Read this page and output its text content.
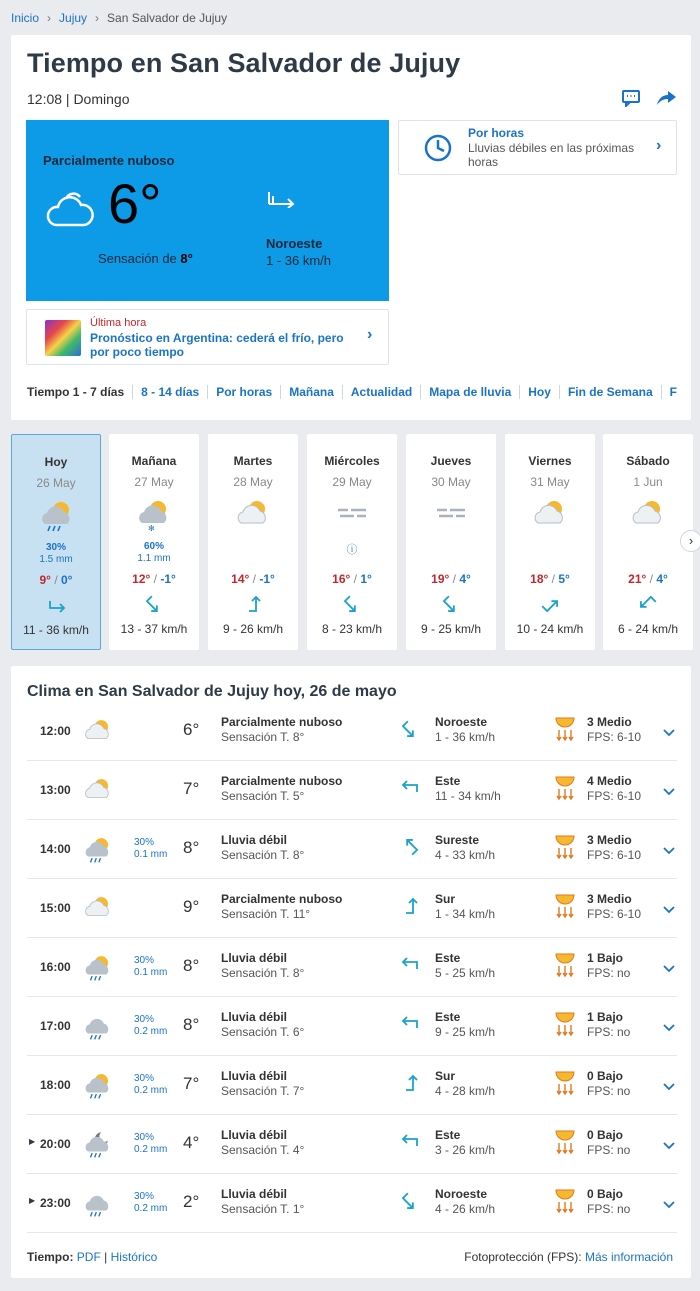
Inicio › Jujuy › San Salvador de Jujuy
Tiempo en San Salvador de Jujuy
12:08 | Domingo
Parcialmente nuboso
6°
Sensación de 8°
Noroeste
1 - 36 km/h
Por horas
Lluvias débiles en las próximas horas
›
Última hora
Pronóstico en Argentina: cederá el frío, pero por poco tiempo
›
Tiempo 1 - 7 días	8 - 14 días	Por horas	Mañana	Actualidad	Mapa de lluvia	Hoy	Fin de Semana	F
Hoy
26 May
30%
1.5 mm
9° / 0°
11 - 36 km/h
Mañana
27 May
✻
60%
1.1 mm
12° / -1°
13 - 37 km/h
Martes
28 May
14° / -1°
9 - 26 km/h
Miércoles
29 May
ⓘ
16° / 1°
8 - 23 km/h
Jueves
30 May
19° / 4°
9 - 25 km/h
Viernes
31 May
18° / 5°
10 - 24 km/h
Sábado
1 Jun
21° / 4°
6 - 24 km/h
›
Clima en San Salvador de Jujuy hoy, 26 de mayo
12:00	6° Parcialmente nuboso
Sensación T. 8°
Noroeste
1 - 36 km/h
3 Medio
FPS: 6-10
13:00	7° Parcialmente nuboso
Sensación T. 5°
Este
11 - 34 km/h
4 Medio
FPS: 6-10
14:00	30%
0.1 mm 8° Lluvia débil
Sensación T. 8°
Sureste
4 - 33 km/h
3 Medio
FPS: 6-10
15:00	9° Parcialmente nuboso
Sensación T. 11°
Sur
1 - 34 km/h
3 Medio
FPS: 6-10
16:00	30%
0.1 mm 8° Lluvia débil
Sensación T. 8°
Este
5 - 25 km/h
1 Bajo
FPS: no
17:00	30%
0.2 mm 8° Lluvia débil
Sensación T. 6°
Este
9 - 25 km/h
1 Bajo
FPS: no
18:00	30%
0.2 mm 7° Lluvia débil
Sensación T. 7°
Sur
4 - 28 km/h
0 Bajo
FPS: no
▶ 20:00	30%
0.2 mm 4° Lluvia débil
Sensación T. 4°
Este
3 - 26 km/h
0 Bajo
FPS: no
▶ 23:00	30%
0.2 mm 2° Lluvia débil
Sensación T. 1°
Noroeste
4 - 26 km/h
0 Bajo
FPS: no
Tiempo: PDF | Histórico	Fotoprotección (FPS): Más información
